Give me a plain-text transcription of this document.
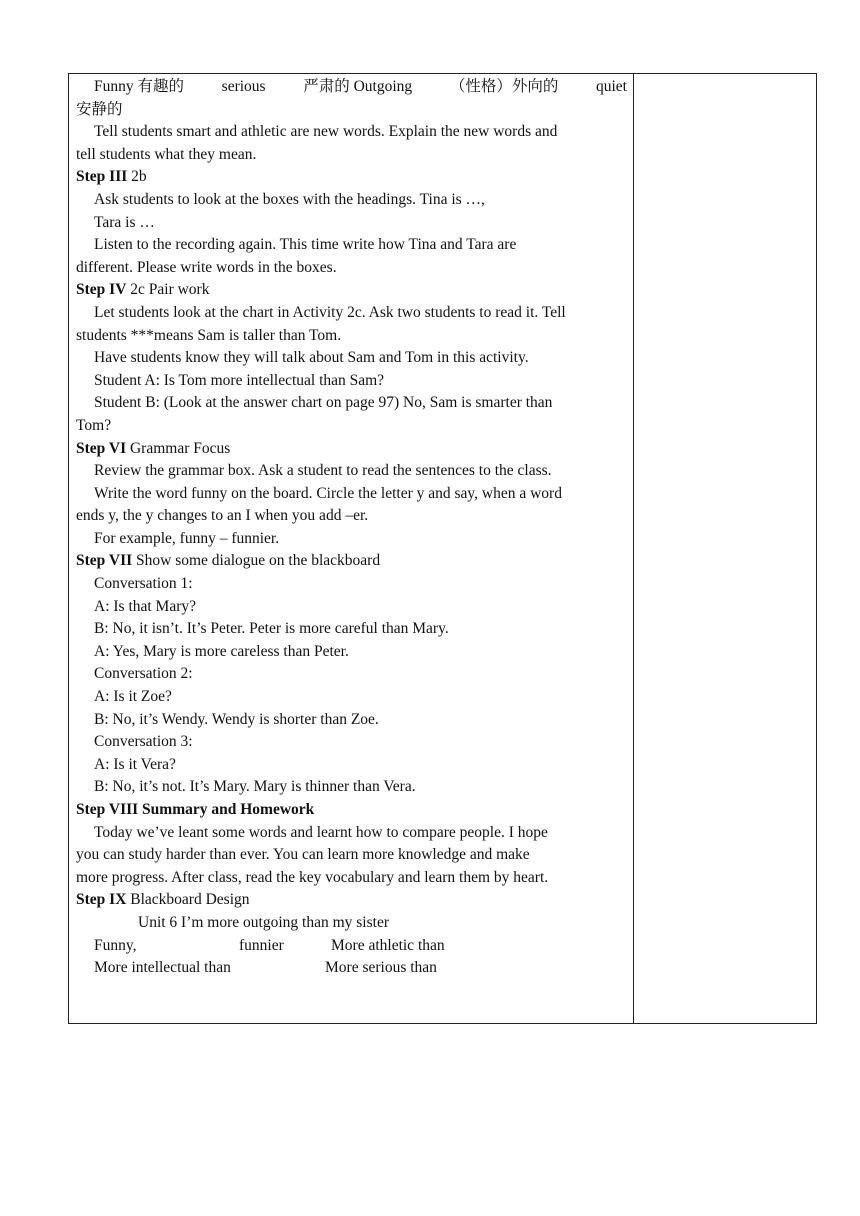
Funny 有趣的 serious 严肃的 Outgoing （性格）外向的 quiet
安静的
Tell students smart and athletic are new words. Explain the new words and
tell students what they mean.
Step III 2b
Ask students to look at the boxes with the headings. Tina is …,
Tara is …
Listen to the recording again. This time write how Tina and Tara are
different. Please write words in the boxes.
Step IV 2c Pair work
Let students look at the chart in Activity 2c. Ask two students to read it. Tell
students ***means Sam is taller than Tom.
Have students know they will talk about Sam and Tom in this activity.
Student A: Is Tom more intellectual than Sam?
Student B: (Look at the answer chart on page 97) No, Sam is smarter than
Tom?
Step VI Grammar Focus
Review the grammar box. Ask a student to read the sentences to the class.
Write the word funny on the board. Circle the letter y and say, when a word
ends y, the y changes to an I when you add –er.
For example, funny – funnier.
Step VII Show some dialogue on the blackboard
Conversation 1:
A: Is that Mary?
B: No, it isn’t. It’s Peter. Peter is more careful than Mary.
A: Yes, Mary is more careless than Peter.
Conversation 2:
A: Is it Zoe?
B: No, it’s Wendy. Wendy is shorter than Zoe.
Conversation 3:
A: Is it Vera?
B: No, it’s not. It’s Mary. Mary is thinner than Vera.
Step VIII Summary and Homework
Today we’ve leant some words and learnt how to compare people. I hope
you can study harder than ever. You can learn more knowledge and make
more progress. After class, read the key vocabulary and learn them by heart.
Step IX Blackboard Design
Unit 6 I’m more outgoing than my sister
Funny,	funnier	More athletic than
More intellectual than	More serious than
